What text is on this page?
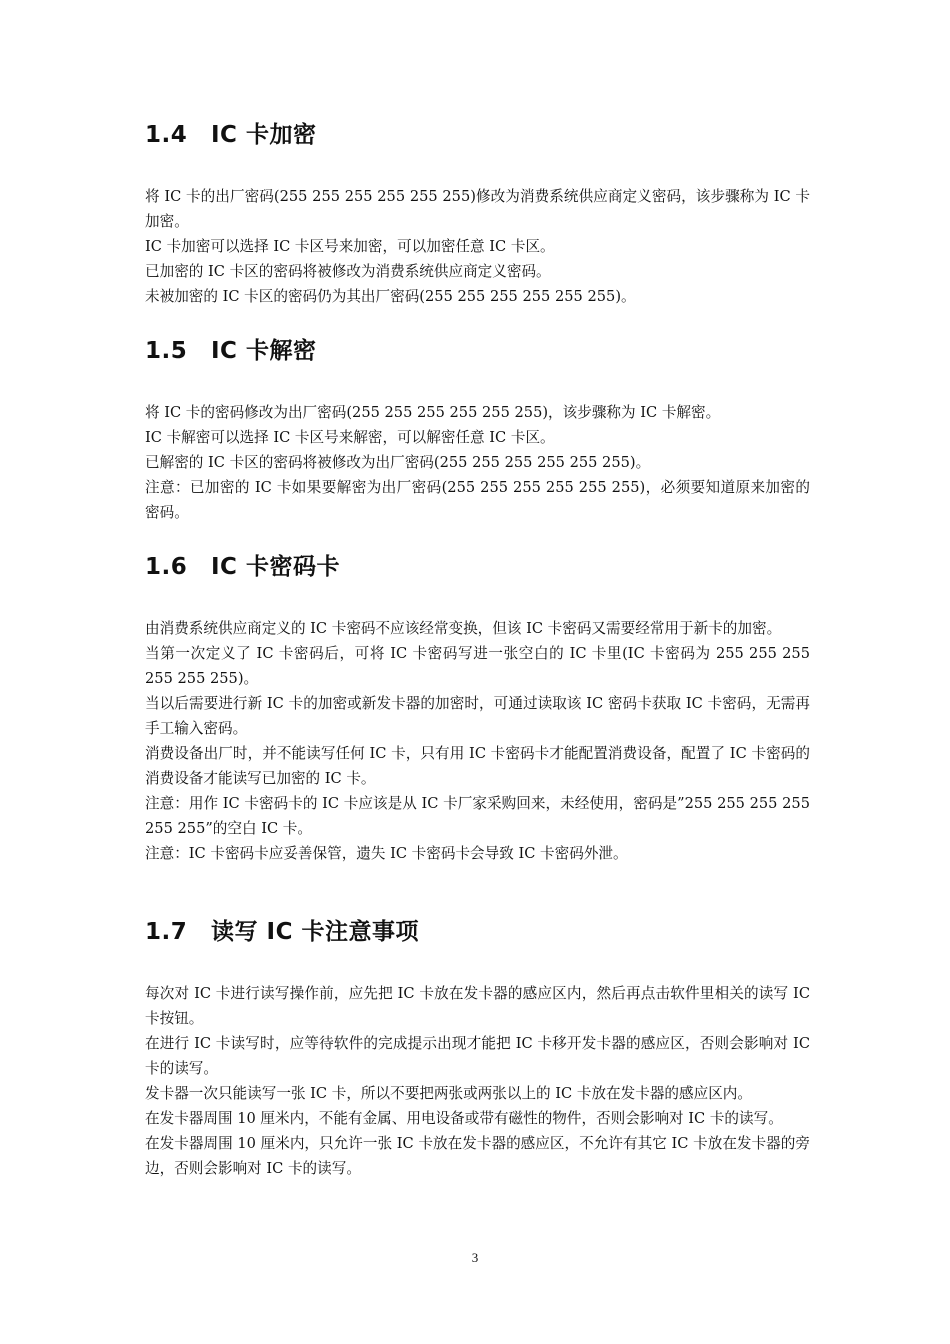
1.4	IC 卡加密

将 IC 卡的出厂密码(255 255 255 255 255 255)修改为消费系统供应商定义密码，该步骤称为 IC 卡加密。

IC 卡加密可以选择 IC 卡区号来加密，可以加密任意 IC 卡区。

已加密的 IC 卡区的密码将被修改为消费系统供应商定义密码。

未被加密的 IC 卡区的密码仍为其出厂密码(255 255 255 255 255 255)。

1.5	IC 卡解密

将 IC 卡的密码修改为出厂密码(255 255 255 255 255 255)，该步骤称为 IC 卡解密。

IC 卡解密可以选择 IC 卡区号来解密，可以解密任意 IC 卡区。

已解密的 IC 卡区的密码将被修改为出厂密码(255 255 255 255 255 255)。

注意：已加密的 IC 卡如果要解密为出厂密码(255 255 255 255 255 255)，必须要知道原来加密的密码。

1.6	IC 卡密码卡

由消费系统供应商定义的 IC 卡密码不应该经常变换，但该 IC 卡密码又需要经常用于新卡的加密。

当第一次定义了 IC 卡密码后，可将 IC 卡密码写进一张空白的 IC 卡里(IC 卡密码为 255 255 255 255 255 255)。

当以后需要进行新 IC 卡的加密或新发卡器的加密时，可通过读取该 IC 密码卡获取 IC 卡密码，无需再手工输入密码。

消费设备出厂时，并不能读写任何 IC 卡，只有用 IC 卡密码卡才能配置消费设备，配置了 IC 卡密码的消费设备才能读写已加密的 IC 卡。

注意：用作 IC 卡密码卡的 IC 卡应该是从 IC 卡厂家采购回来，未经使用，密码是”255 255 255 255 255 255”的空白 IC 卡。

注意：IC 卡密码卡应妥善保管，遗失 IC 卡密码卡会导致 IC 卡密码外泄。

1.7	读写 IC 卡注意事项

每次对 IC 卡进行读写操作前，应先把 IC 卡放在发卡器的感应区内，然后再点击软件里相关的读写 IC 卡按钮。

在进行 IC 卡读写时，应等待软件的完成提示出现才能把 IC 卡移开发卡器的感应区，否则会影响对 IC 卡的读写。

发卡器一次只能读写一张 IC 卡，所以不要把两张或两张以上的 IC 卡放在发卡器的感应区内。

在发卡器周围 10 厘米内，不能有金属、用电设备或带有磁性的物件，否则会影响对 IC 卡的读写。

在发卡器周围 10 厘米内，只允许一张 IC 卡放在发卡器的感应区，不允许有其它 IC 卡放在发卡器的旁边，否则会影响对 IC 卡的读写。

3
